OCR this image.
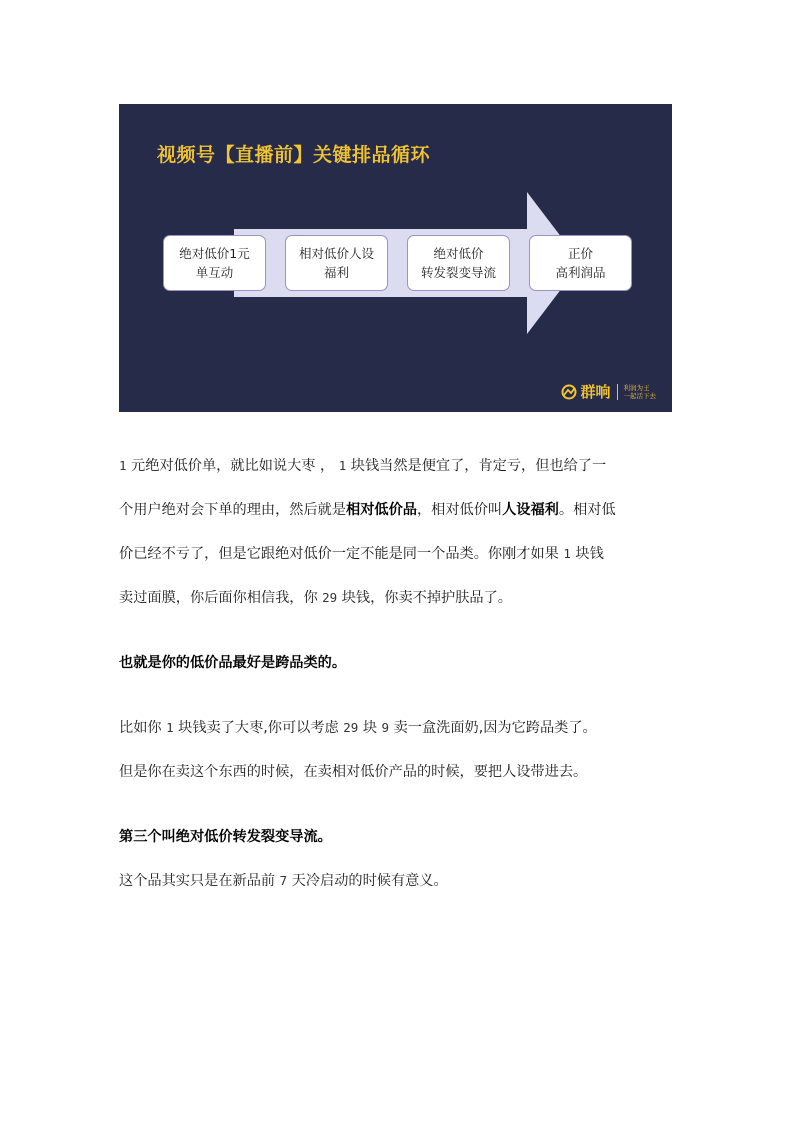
视频号【直播前】关键排品循环
绝对低价1元
单互动
相对低价人设
福利
绝对低价
转发裂变导流
正价
高利润品
群响 利润为王
一起活下去
1 元绝对低价单，就比如说大枣 ， 1 块钱当然是便宜了，肯定亏，但也给了一
个用户绝对会下单的理由，然后就是相对低价品，相对低价叫人设福利。相对低
价已经不亏了，但是它跟绝对低价一定不能是同一个品类。你刚才如果 1 块钱
卖过面膜，你后面你相信我，你 29 块钱，你卖不掉护肤品了。
也就是你的低价品最好是跨品类的。
比如你 1 块钱卖了大枣,你可以考虑 29 块 9 卖一盒洗面奶,因为它跨品类了。
但是你在卖这个东西的时候，在卖相对低价产品的时候，要把人设带进去。
第三个叫绝对低价转发裂变导流。
这个品其实只是在新品前 7 天冷启动的时候有意义。
